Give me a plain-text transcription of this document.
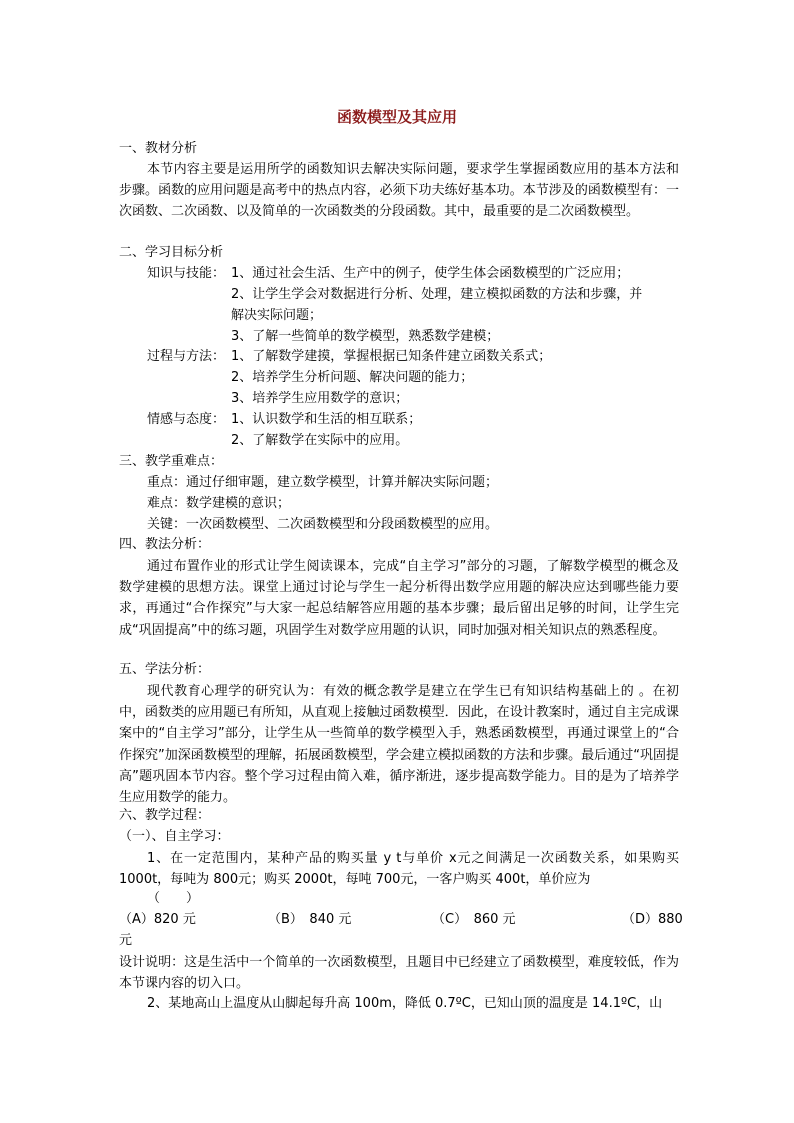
函数模型及其应用
一、教材分析
本节内容主要是运用所学的函数知识去解决实际问题，要求学生掌握函数应用的基本方法和步骤。函数的应用问题是高考中的热点内容，必须下功夫练好基本功。本节涉及的函数模型有：一次函数、二次函数、以及简单的一次函数类的分段函数。其中，最重要的是二次函数模型。
二、学习目标分析
知识与技能： 1、通过社会生活、生产中的例子，使学生体会函数模型的广泛应用；
2、让学生学会对数据进行分析、处理，建立模拟函数的方法和步骤，并
解决实际问题；
3、了解一些简单的数学模型，熟悉数学建模；
过程与方法： 1、了解数学建摸，掌握根据已知条件建立函数关系式；
2、培养学生分析问题、解决问题的能力；
3、培养学生应用数学的意识；
情感与态度： 1、认识数学和生活的相互联系；
2、了解数学在实际中的应用。
三、教学重难点：
重点：通过仔细审题，建立数学模型，计算并解决实际问题；
难点：数学建模的意识；
关键：一次函数模型、二次函数模型和分段函数模型的应用。
四、教法分析：
通过布置作业的形式让学生阅读课本，完成“自主学习”部分的习题，了解数学模型的概念及数学建模的思想方法。课堂上通过讨论与学生一起分析得出数学应用题的解决应达到哪些能力要求，再通过“合作探究”与大家一起总结解答应用题的基本步骤；最后留出足够的时间，让学生完成“巩固提高”中的练习题，巩固学生对数学应用题的认识，同时加强对相关知识点的熟悉程度。
五、学法分析：
现代教育心理学的研究认为：有效的概念教学是建立在学生已有知识结构基础上的 。在初中，函数类的应用题已有所知，从直观上接触过函数模型．因此，在设计教案时，通过自主完成课案中的“自主学习”部分，让学生从一些简单的数学模型入手，熟悉函数模型，再通过课堂上的“合作探究”加深函数模型的理解，拓展函数模型，学会建立模拟函数的方法和步骤。最后通过“巩固提高”题巩固本节内容。整个学习过程由简入难，循序渐进，逐步提高数学能力。目的是为了培养学生应用数学的能力。
六、教学过程：
（一）、自主学习：
1、在一定范围内，某种产品的购买量 y t与单价 x元之间满足一次函数关系，如果购买 1000t，每吨为 800元；购买 2000t，每吨 700元，一客户购买 400t，单价应为
（　　）
（A）820 元	（B）　840 元	（C）　860 元	（D）880
元
设计说明：这是生活中一个简单的一次函数模型，且题目中已经建立了函数模型，难度较低，作为本节课内容的切入口。
2、某地高山上温度从山脚起每升高 100m，降低 0.7ºC，已知山顶的温度是 14.1ºC，山
